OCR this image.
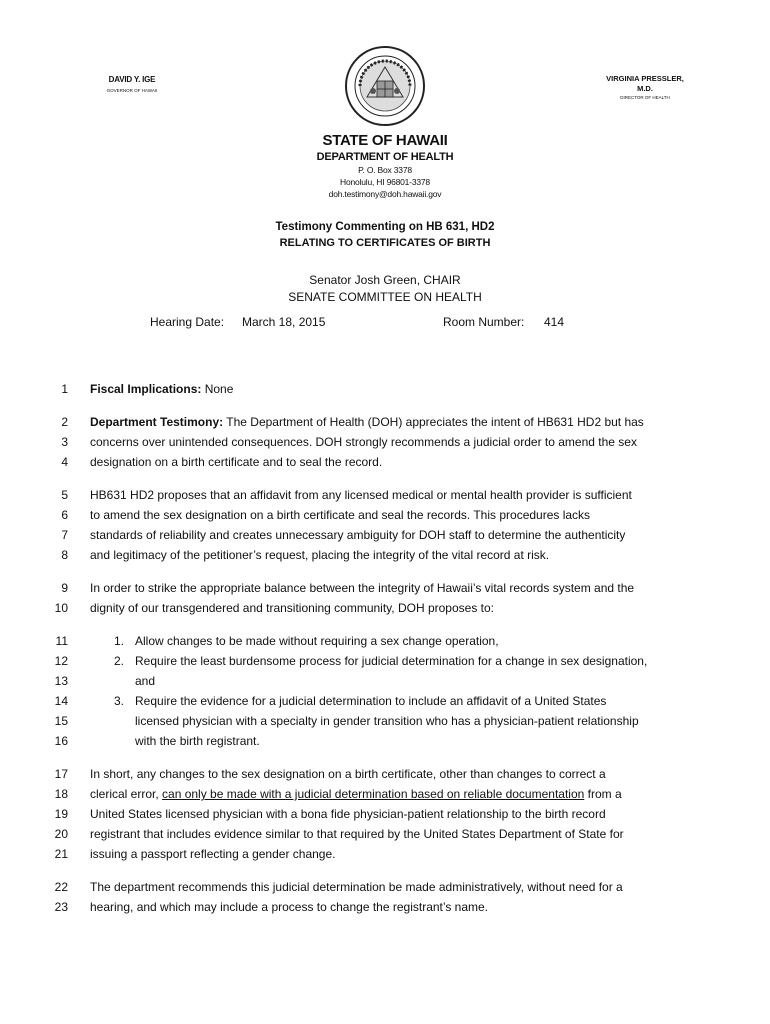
DAVID Y. IGE
GOVERNOR OF HAWAII
VIRGINIA PRESSLER,
M.D.
DIRECTOR OF HEALTH
STATE OF HAWAII
DEPARTMENT OF HEALTH
P. O. Box 3378
Honolulu, HI 96801-3378
doh.testimony@doh.hawaii.gov
Testimony Commenting on HB 631, HD2
RELATING TO CERTIFICATES OF BIRTH
Senator Josh Green, CHAIR
SENATE COMMITTEE ON HEALTH
Hearing Date: March 18, 2015	Room Number: 414
1
2
3
4
5
6
7
8
9
10
11
12
13
14
15
16
17
18
19
20
21
22
23
Fiscal Implications: None
Department Testimony: The Department of Health (DOH) appreciates the intent of HB631 HD2 but has
concerns over unintended consequences. DOH strongly recommends a judicial order to amend the sex
designation on a birth certificate and to seal the record.
HB631 HD2 proposes that an affidavit from any licensed medical or mental health provider is sufficient
to amend the sex designation on a birth certificate and seal the records. This procedures lacks
standards of reliability and creates unnecessary ambiguity for DOH staff to determine the authenticity
and legitimacy of the petitioner’s request, placing the integrity of the vital record at risk.
In order to strike the appropriate balance between the integrity of Hawaii’s vital records system and the
dignity of our transgendered and transitioning community, DOH proposes to:
1. Allow changes to be made without requiring a sex change operation,
2. Require the least burdensome process for judicial determination for a change in sex designation,
and
3. Require the evidence for a judicial determination to include an affidavit of a United States
licensed physician with a specialty in gender transition who has a physician-patient relationship
with the birth registrant.
In short, any changes to the sex designation on a birth certificate, other than changes to correct a
clerical error, can only be made with a judicial determination based on reliable documentation from a
United States licensed physician with a bona fide physician-patient relationship to the birth record
registrant that includes evidence similar to that required by the United States Department of State for
issuing a passport reflecting a gender change.
The department recommends this judicial determination be made administratively, without need for a
hearing, and which may include a process to change the registrant’s name.
